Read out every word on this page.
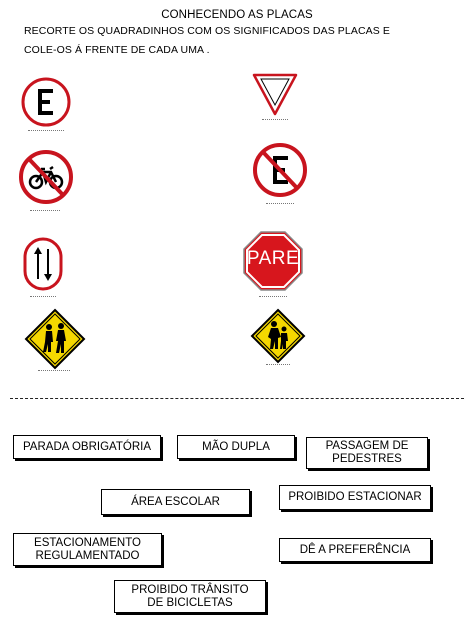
CONHECENDO AS PLACAS
RECORTE OS QUADRADINHOS COM OS SIGNIFICADOS DAS PLACAS E
COLE-OS Á FRENTE DE CADA UMA .
PARE
PARADA OBRIGATÓRIA	MÃO DUPLA	PASSAGEM DE PEDESTRES
ÁREA ESCOLAR	PROIBIDO ESTACIONAR
ESTACIONAMENTO REGULAMENTADO	DÊ A PREFERÊNCIA
PROIBIDO TRÂNSITO DE BICICLETAS
